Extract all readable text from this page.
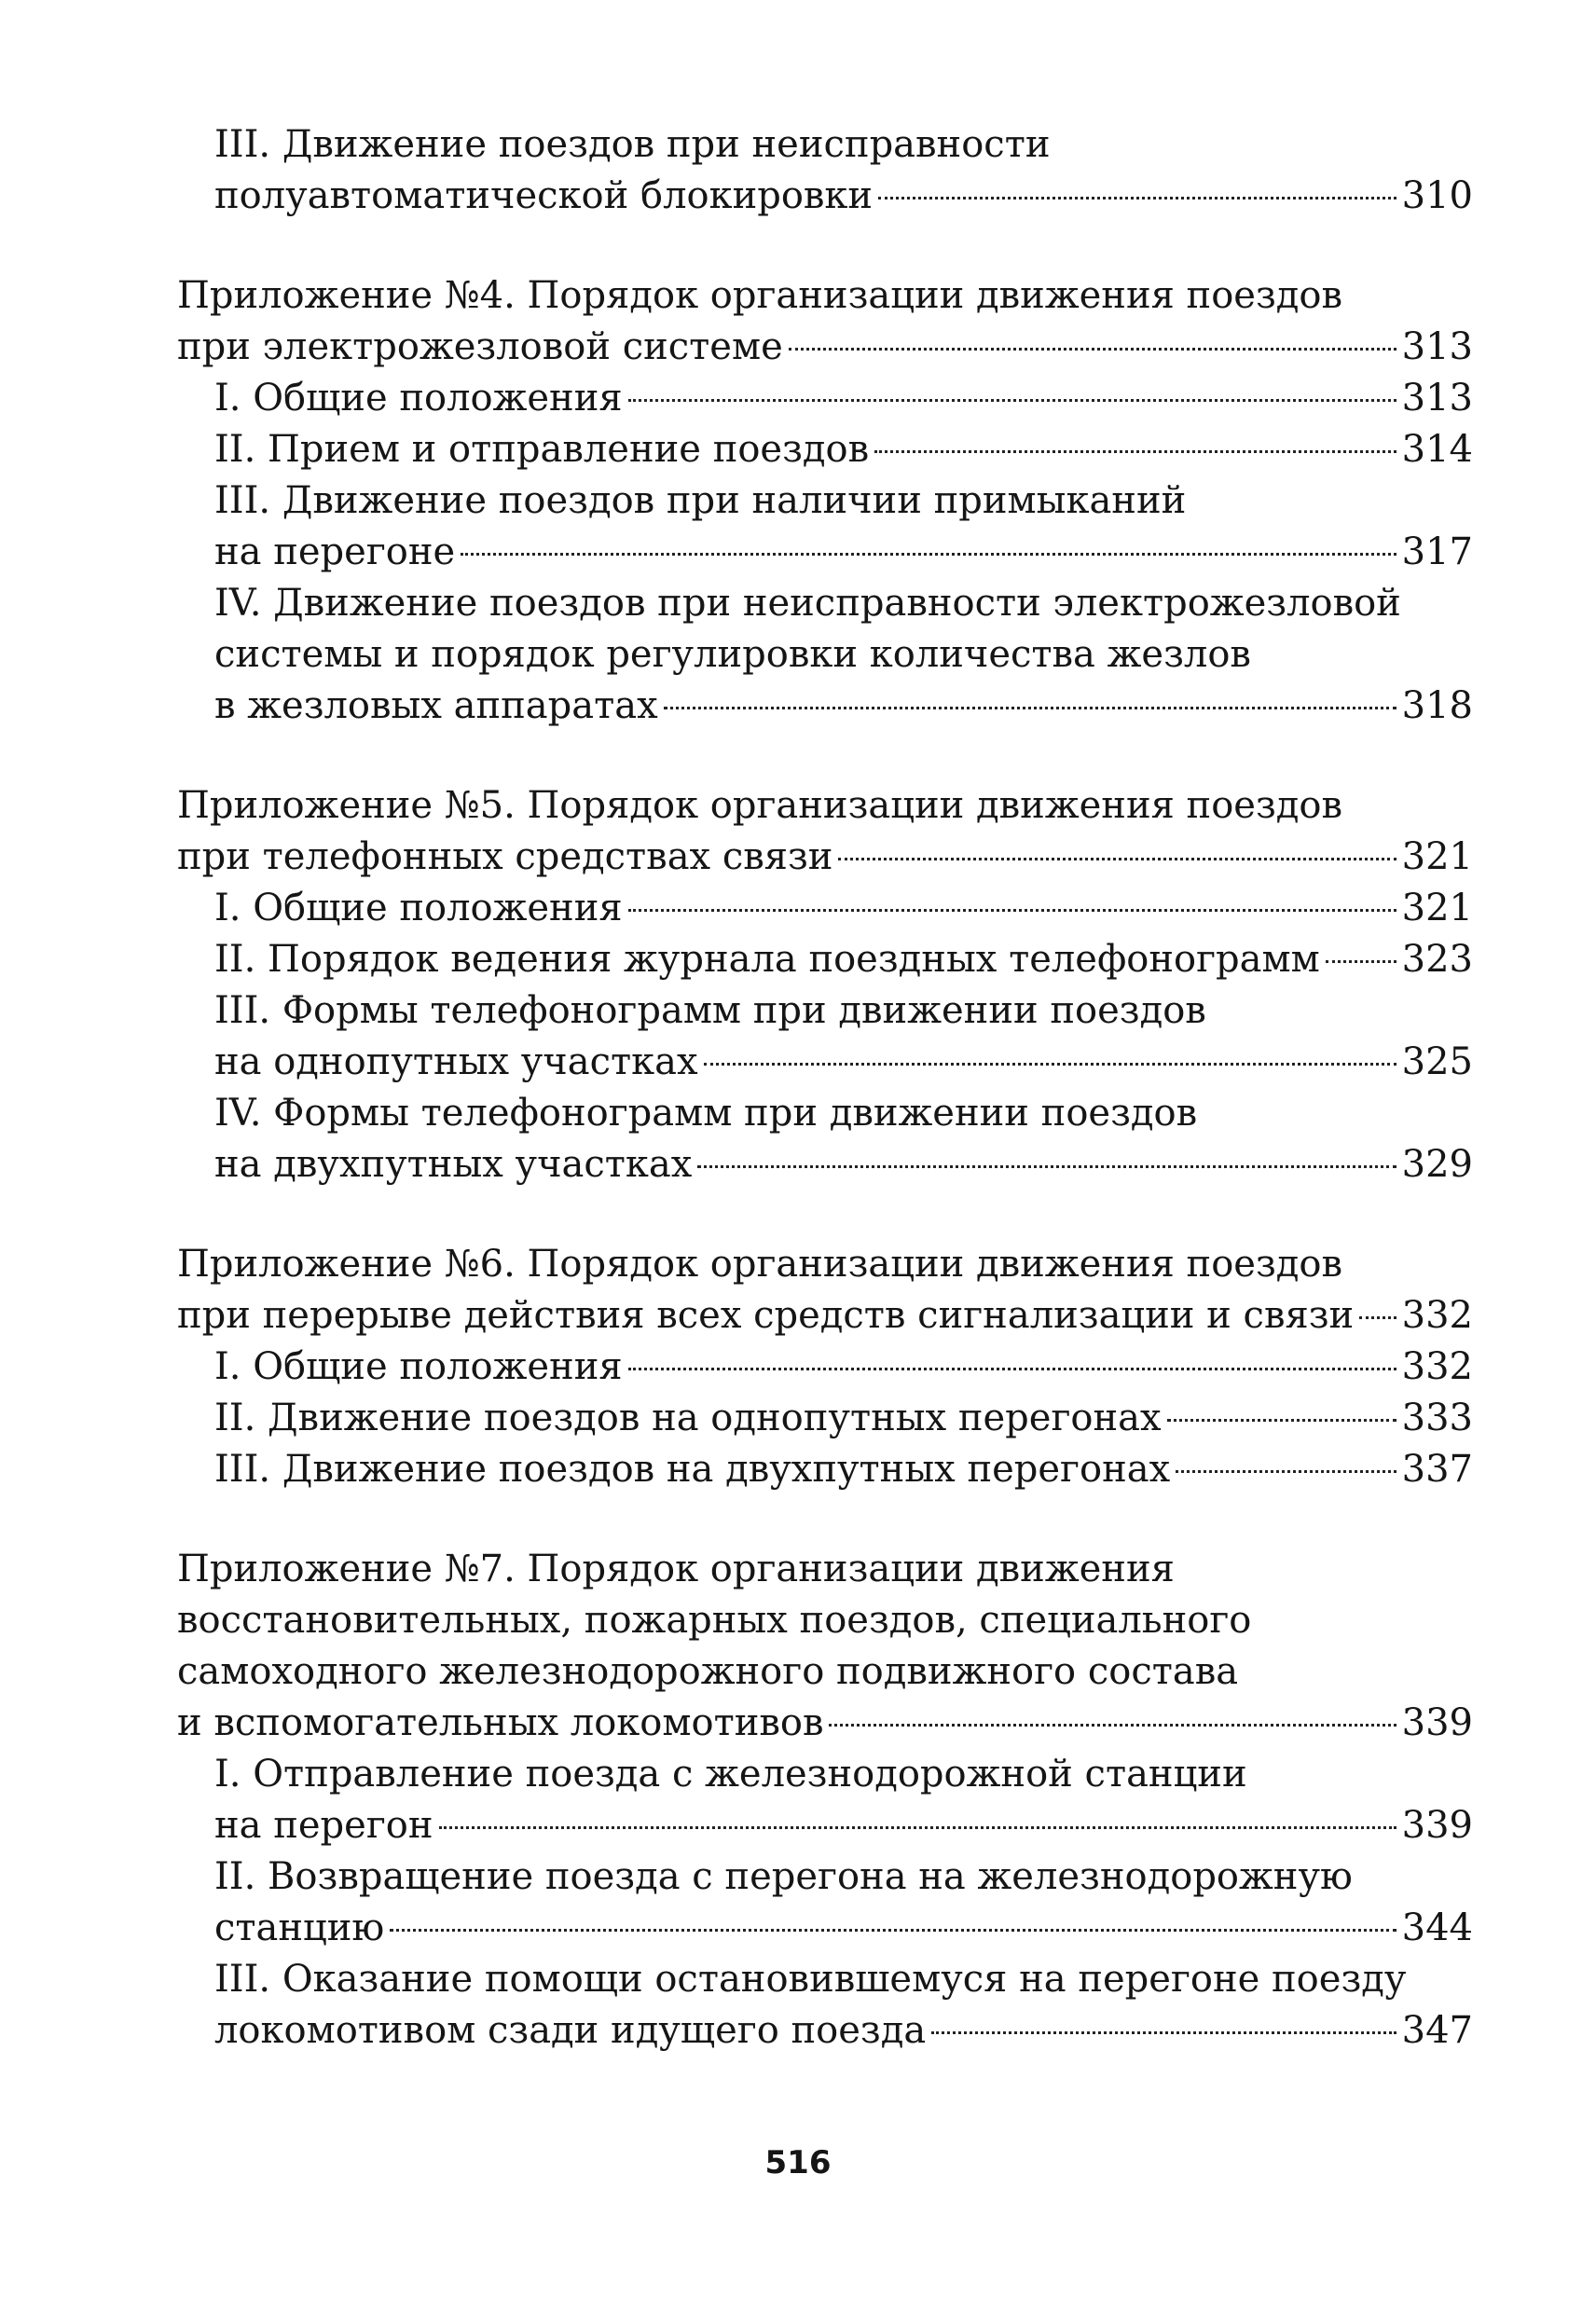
III. Движение поездов при неисправности
полуавтоматической блокировки	310
Приложение №4. Порядок организации движения поездов
при электрожезловой системе	313
I. Общие положения	313
II. Прием и отправление поездов	314
III. Движение поездов при наличии примыканий
на перегоне	317
IV. Движение поездов при неисправности электрожезловой
системы и порядок регулировки количества жезлов
в жезловых аппаратах	318
Приложение №5. Порядок организации движения поездов
при телефонных средствах связи	321
I. Общие положения	321
II. Порядок ведения журнала поездных телефонограмм 323
III. Формы телефонограмм при движении поездов
на однопутных участках	325
IV. Формы телефонограмм при движении поездов
на двухпутных участках	329
Приложение №6. Порядок организации движения поездов
при перерыве действия всех средств сигнализации и связи 332
I. Общие положения	332
II. Движение поездов на однопутных перегонах	333
III. Движение поездов на двухпутных перегонах	337
Приложение №7. Порядок организации движения
восстановительных, пожарных поездов, специального
самоходного железнодорожного подвижного состава
и вспомогательных локомотивов	339
I. Отправление поезда с железнодорожной станции
на перегон	339
II. Возвращение поезда с перегона на железнодорожную
станцию	344
III. Оказание помощи остановившемуся на перегоне поезду
локомотивом сзади идущего поезда	347
516
